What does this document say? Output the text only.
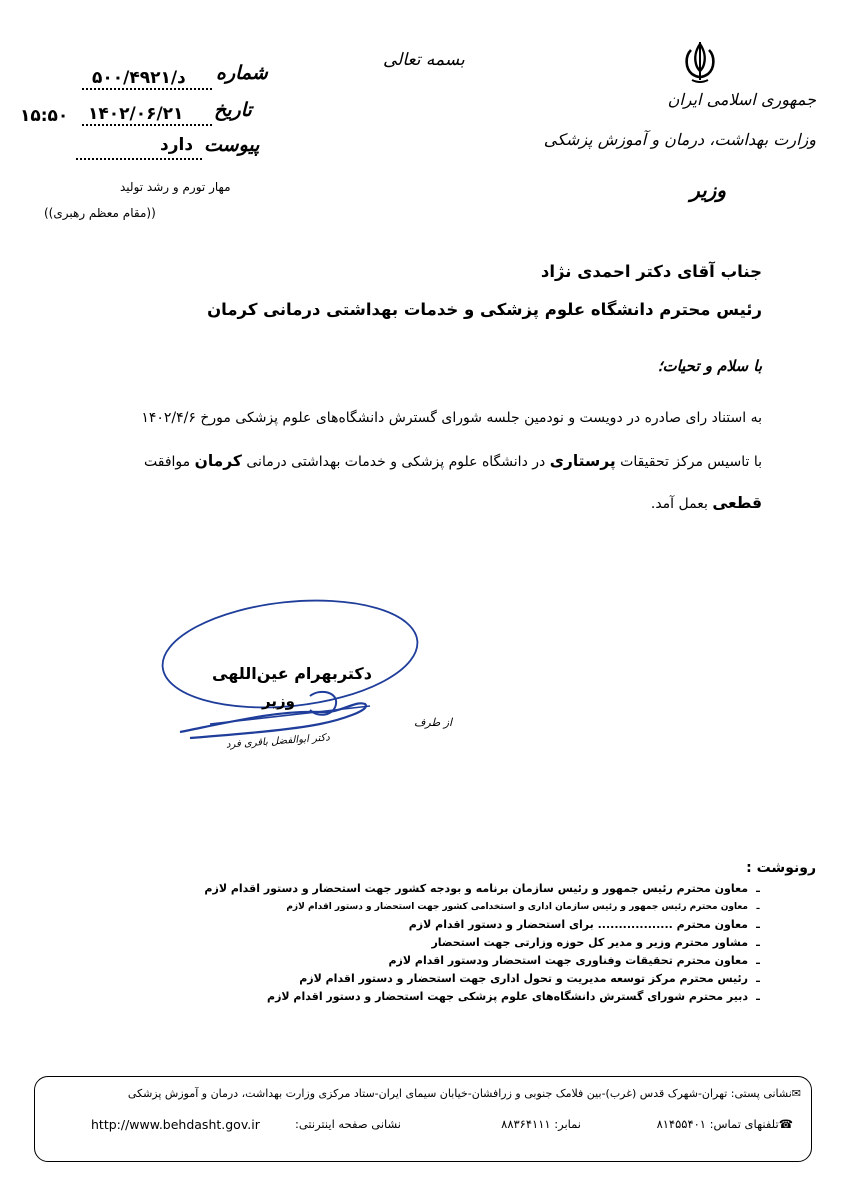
جمهوری اسلامی ایران
وزارت بهداشت، درمان و آموزش پزشکی
وزیر
بسمه تعالی
شماره
د/۵۰۰/۴۹۲۱
تاریخ
۱۴۰۲/۰۶/۲۱
۱۵:۵۰
پیوست
دارد
مهار تورم و رشد تولید
((مقام معظم رهبری))
جناب آقای دکتر احمدی نژاد
رئیس محترم دانشگاه علوم پزشکی و خدمات بهداشتی درمانی کرمان
با سلام و تحیات؛
به استناد رای صادره در دویست و نودمین جلسه شورای گسترش دانشگاه‌های علوم پزشکی مورخ ۱۴۰۲/۴/۶
با تاسیس مرکز تحقیقات پرستاری در دانشگاه علوم پزشکی و خدمات بهداشتی درمانی کرمان موافقت
قطعی بعمل آمد.
دکتربهرام عین‌اللهی
وزیر
از طرف
دکتر ابوالفضل باقری فرد
رونوشت :
ـمعاون محترم رئیس جمهور و رئیس سازمان برنامه و بودجه کشور جهت استحضار و دستور اقدام لازم
ـمعاون محترم رئیس جمهور و رئیس سازمان اداری و استخدامی کشور جهت استحضار و دستور اقدام لازم
ـمعاون محترم .................. برای استحضار و دستور اقدام لازم
ـمشاور محترم وزیر و مدیر کل حوزه وزارتی جهت استحضار
ـمعاون محترم تحقیقات وفناوری جهت استحضار ودستور اقدام لازم
ـرئیس محترم مرکز توسعه مدیریت و تحول اداری جهت استحضار و دستور اقدام لازم
ـدبیر محترم شورای گسترش دانشگاه‌های علوم پزشکی جهت استحضار و دستور اقدام لازم
✉نشانی پستی: تهران-شهرک قدس (غرب)-بین فلامک جنوبی و زرافشان-خیابان سیمای ایران-ستاد مرکزی وزارت بهداشت، درمان و آموزش پزشکی
☎تلفنهای تماس: ۸۱۴۵۵۴۰۱
نمابر: ۸۸۳۶۴۱۱۱
نشانی صفحه اینترنتی:
http://www.behdasht.gov.ir
